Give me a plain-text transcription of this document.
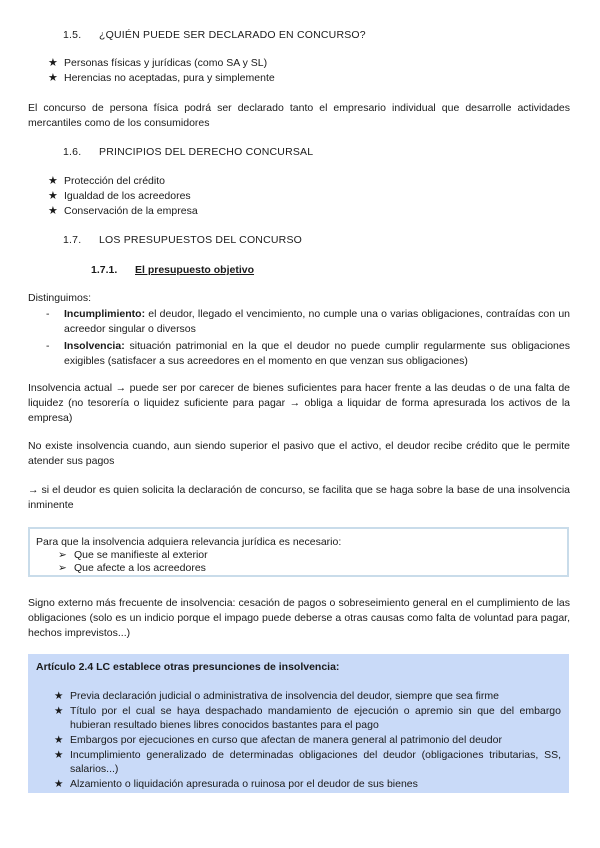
1.5. ¿QUIÉN PUEDE SER DECLARADO EN CONCURSO?
★ Personas físicas y jurídicas (como SA y SL)
★ Herencias no aceptadas, pura y simplemente

El concurso de persona física podrá ser declarado tanto el empresario individual que desarrolle actividades mercantiles como de los consumidores

1.6. PRINCIPIOS DEL DERECHO CONCURSAL
★ Protección del crédito
★ Igualdad de los acreedores
★ Conservación de la empresa
1.7. LOS PRESUPUESTOS DEL CONCURSO
1.7.1. El presupuesto objetivo
Distinguimos:
- Incumplimiento: el deudor, llegado el vencimiento, no cumple una o varias obligaciones, contraídas con un acreedor singular o diversos
- Insolvencia: situación patrimonial en la que el deudor no puede cumplir regularmente sus obligaciones exigibles (satisfacer a sus acreedores en el momento en que venzan sus obligaciones)

Insolvencia actual → puede ser por carecer de bienes suficientes para hacer frente a las deudas o de una falta de liquidez (no tesorería o liquidez suficiente para pagar → obliga a liquidar de forma apresurada los activos de la empresa)

No existe insolvencia cuando, aun siendo superior el pasivo que el activo, el deudor recibe crédito que le permite atender sus pagos

→ si el deudor es quien solicita la declaración de concurso, se facilita que se haga sobre la base de una insolvencia inminente

Para que la insolvencia adquiera relevancia jurídica es necesario:
➢ Que se manifieste al exterior
➢ Que afecte a los acreedores

Signo externo más frecuente de insolvencia: cesación de pagos o sobreseimiento general en el cumplimiento de las obligaciones (solo es un indicio porque el impago puede deberse a otras causas como falta de voluntad para pagar, hechos imprevistos...)

Artículo 2.4 LC establece otras presunciones de insolvencia:
★ Previa declaración judicial o administrativa de insolvencia del deudor, siempre que sea firme
★ Título por el cual se haya despachado mandamiento de ejecución o apremio sin que del embargo hubieran resultado bienes libres conocidos bastantes para el pago
★ Embargos por ejecuciones en curso que afectan de manera general al patrimonio del deudor
★ Incumplimiento generalizado de determinadas obligaciones del deudor (obligaciones tributarias, SS, salarios...)
★ Alzamiento o liquidación apresurada o ruinosa por el deudor de sus bienes
